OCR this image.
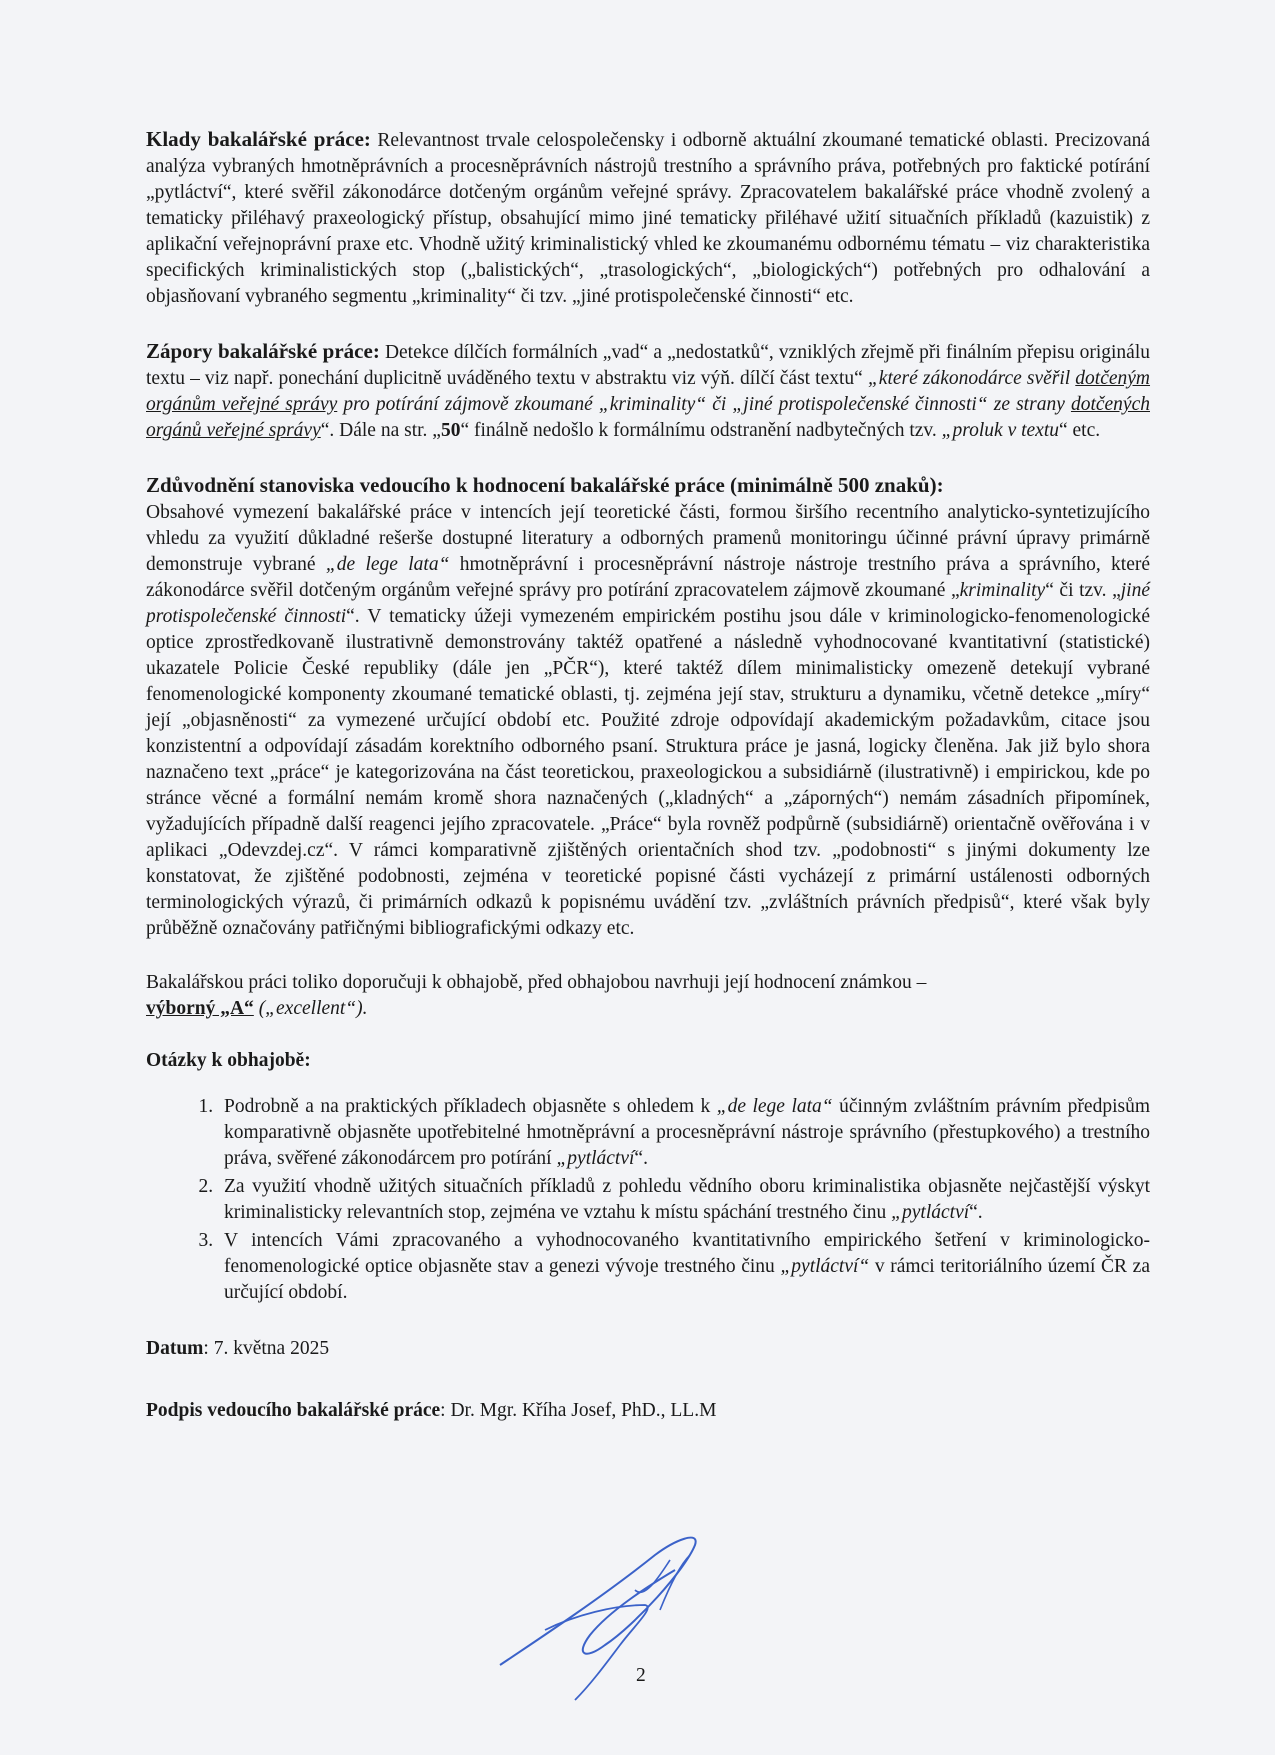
Klady bakalářské práce: Relevantnost trvale celospolečensky i odborně aktuální zkoumané tematické oblasti. Precizovaná analýza vybraných hmotněprávních a procesněprávních nástrojů trestního a správního práva, potřebných pro faktické potírání „pytláctví“, které svěřil zákonodárce dotčeným orgánům veřejné správy. Zpracovatelem bakalářské práce vhodně zvolený a tematicky přiléhavý praxeologický přístup, obsahující mimo jiné tematicky přiléhavé užití situačních příkladů (kazuistik) z aplikační veřejnoprávní praxe etc. Vhodně užitý kriminalistický vhled ke zkoumanému odbornému tématu – viz charakteristika specifických kriminalistických stop („balistických“, „trasologických“, „biologických“) potřebných pro odhalování a objasňovaní vybraného segmentu „kriminality“ či tzv. „jiné protispolečenské činnosti“ etc.

Zápory bakalářské práce: Detekce dílčích formálních „vad“ a „nedostatků“, vzniklých zřejmě při finálním přepisu originálu textu – viz např. ponechání duplicitně uváděného textu v abstraktu viz výň. dílčí část textu“ „které zákonodárce svěřil dotčeným orgánům veřejné správy pro potírání zájmově zkoumané „kriminality“ či „jiné protispolečenské činnosti“ ze strany dotčených orgánů veřejné správy“. Dále na str. „50“ finálně nedošlo k formálnímu odstranění nadbytečných tzv. „proluk v textu“ etc.

Zdůvodnění stanoviska vedoucího k hodnocení bakalářské práce (minimálně 500 znaků):
Obsahové vymezení bakalářské práce v intencích její teoretické části, formou širšího recentního analyticko-syntetizujícího vhledu za využití důkladné rešerše dostupné literatury a odborných pramenů monitoringu účinné právní úpravy primárně demonstruje vybrané „de lege lata“ hmotněprávní i procesněprávní nástroje nástroje trestního práva a správního, které zákonodárce svěřil dotčeným orgánům veřejné správy pro potírání zpracovatelem zájmově zkoumané „kriminality“ či tzv. „jiné protispolečenské činnosti“. V tematicky úžeji vymezeném empirickém postihu jsou dále v kriminologicko-fenomenologické optice zprostředkovaně ilustrativně demonstrovány taktéž opatřené a následně vyhodnocované kvantitativní (statistické) ukazatele Policie České republiky (dále jen „PČR“), které taktéž dílem minimalisticky omezeně detekují vybrané fenomenologické komponenty zkoumané tematické oblasti, tj. zejména její stav, strukturu a dynamiku, včetně detekce „míry“ její „objasněnosti“ za vymezené určující období etc. Použité zdroje odpovídají akademickým požadavkům, citace jsou konzistentní a odpovídají zásadám korektního odborného psaní. Struktura práce je jasná, logicky členěna. Jak již bylo shora naznačeno text „práce“ je kategorizována na část teoretickou, praxeologickou a subsidiárně (ilustrativně) i empirickou, kde po stránce věcné a formální nemám kromě shora naznačených („kladných“ a „záporných“) nemám zásadních připomínek, vyžadujících případně další reagenci jejího zpracovatele. „Práce“ byla rovněž podpůrně (subsidiárně) orientačně ověřována i v aplikaci „Odevzdej.cz“. V rámci komparativně zjištěných orientačních shod tzv. „podobnosti“ s jinými dokumenty lze konstatovat, že zjištěné podobnosti, zejména v teoretické popisné části vycházejí z primární ustálenosti odborných terminologických výrazů, či primárních odkazů k popisnému uvádění tzv. „zvláštních právních předpisů“, které však byly průběžně označovány patřičnými bibliografickými odkazy etc.

Bakalářskou práci toliko doporučuji k obhajobě, před obhajobou navrhuji její hodnocení známkou –
výborný „A“ („excellent“).

Otázky k obhajobě:

1. Podrobně a na praktických příkladech objasněte s ohledem k „de lege lata“ účinným zvláštním právním předpisům komparativně objasněte upotřebitelné hmotněprávní a procesněprávní nástroje správního (přestupkového) a trestního práva, svěřené zákonodárcem pro potírání „pytláctví“.
2. Za využití vhodně užitých situačních příkladů z pohledu vědního oboru kriminalistika objasněte nejčastější výskyt kriminalisticky relevantních stop, zejména ve vztahu k místu spáchání trestného činu „pytláctví“.
3. V intencích Vámi zpracovaného a vyhodnocovaného kvantitativního empirického šetření v kriminologicko-fenomenologické optice objasněte stav a genezi vývoje trestného činu „pytláctví“ v rámci teritoriálního území ČR za určující období.

Datum: 7. května 2025

Podpis vedoucího bakalářské práce: Dr. Mgr. Kříha Josef, PhD., LL.M

2
